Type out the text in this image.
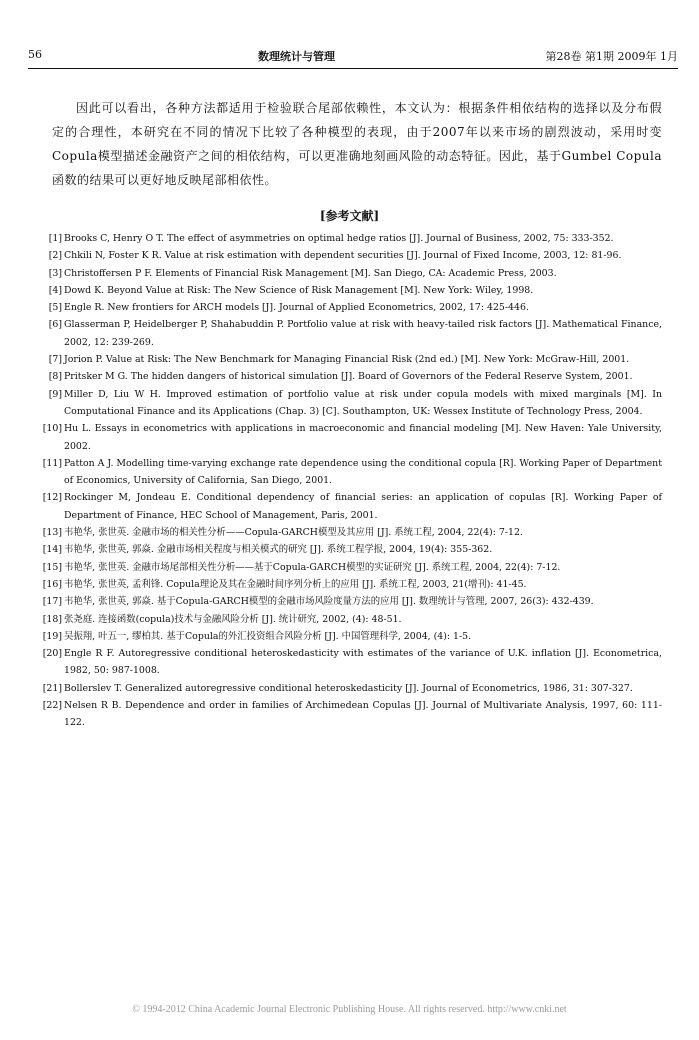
56	数理统计与管理	第28卷 第1期 2009年 1月

因此可以看出，各种方法都适用于检验联合尾部依赖性，本文认为：根据条件相依结构的选择以及分布假定的合理性，本研究在不同的情况下比较了各种模型的表现，由于2007年以来市场的剧烈波动，采用时变Copula模型描述金融资产之间的相依结构，可以更准确地刻画风险的动态特征。因此，基于Gumbel Copula函数的结果可以更好地反映尾部相依性。

[参考文献]
[1] Brooks C, Henry O T. The effect of asymmetries on optimal hedge ratios [J]. Journal of Business, 2002, 75: 333-352.
[2] Chkili N, Foster K R. Value at risk estimation with dependent securities [J]. Journal of Fixed Income, 2003, 12: 81-96.
[3] Christoffersen P F. Elements of Financial Risk Management [M]. San Diego, CA: Academic Press, 2003.
[4] Dowd K. Beyond Value at Risk: The New Science of Risk Management [M]. New York: Wiley, 1998.
[5] Engle R. New frontiers for ARCH models [J]. Journal of Applied Econometrics, 2002, 17: 425-446.
[6] Glasserman P, Heidelberger P, Shahabuddin P. Portfolio value at risk with heavy-tailed risk factors [J]. Mathematical Finance, 2002, 12: 239-269.
[7] Jorion P. Value at Risk: The New Benchmark for Managing Financial Risk (2nd ed.) [M]. New York: McGraw-Hill, 2001.
[8] Pritsker M G. The hidden dangers of historical simulation [J]. Board of Governors of the Federal Reserve System, 2001.
[9] Miller D, Liu W H. Improved estimation of portfolio value at risk under copula models with mixed marginals [M]. In Computational Finance and its Applications (Chap. 3) [C]. Southampton, UK: Wessex Institute of Technology Press, 2004.
[10] Hu L. Essays in econometrics with applications in macroeconomic and financial modeling [M]. New Haven: Yale University, 2002.
[11] Patton A J. Modelling time-varying exchange rate dependence using the conditional copula [R]. Working Paper of Department of Economics, University of California, San Diego, 2001.
[12] Rockinger M, Jondeau E. Conditional dependency of financial series: an application of copulas [R]. Working Paper of Department of Finance, HEC School of Management, Paris, 2001.
[13] 韦艳华, 张世英. 金融市场的相关性分析——Copula-GARCH模型及其应用 [J]. 系统工程, 2004, 22(4): 7-12.
[14] 韦艳华, 张世英, 郭焱. 金融市场相关程度与相关模式的研究 [J]. 系统工程学报, 2004, 19(4): 355-362.
[15] 韦艳华, 张世英. 金融市场尾部相关性分析——基于Copula-GARCH模型的实证研究 [J]. 系统工程, 2004, 22(4): 7-12.
[16] 韦艳华, 张世英, 孟利锋. Copula理论及其在金融时间序列分析上的应用 [J]. 系统工程, 2003, 21(增刊): 41-45.
[17] 韦艳华, 张世英, 郭焱. 基于Copula-GARCH模型的金融市场风险度量方法的应用 [J]. 数理统计与管理, 2007, 26(3): 432-439.
[18] 张尧庭. 连接函数(copula)技术与金融风险分析 [J]. 统计研究, 2002, (4): 48-51.
[19] 吴振翔, 叶五一, 缪柏其. 基于Copula的外汇投资组合风险分析 [J]. 中国管理科学, 2004, (4): 1-5.
[20] Engle R F. Autoregressive conditional heteroskedasticity with estimates of the variance of U.K. inflation [J]. Econometrica, 1982, 50: 987-1008.
[21] Bollerslev T. Generalized autoregressive conditional heteroskedasticity [J]. Journal of Econometrics, 1986, 31: 307-327.
[22] Nelsen R B. Dependence and order in families of Archimedean Copulas [J]. Journal of Multivariate Analysis, 1997, 60: 111-122.
© 1994-2012 China Academic Journal Electronic Publishing House. All rights reserved. http://www.cnki.net
